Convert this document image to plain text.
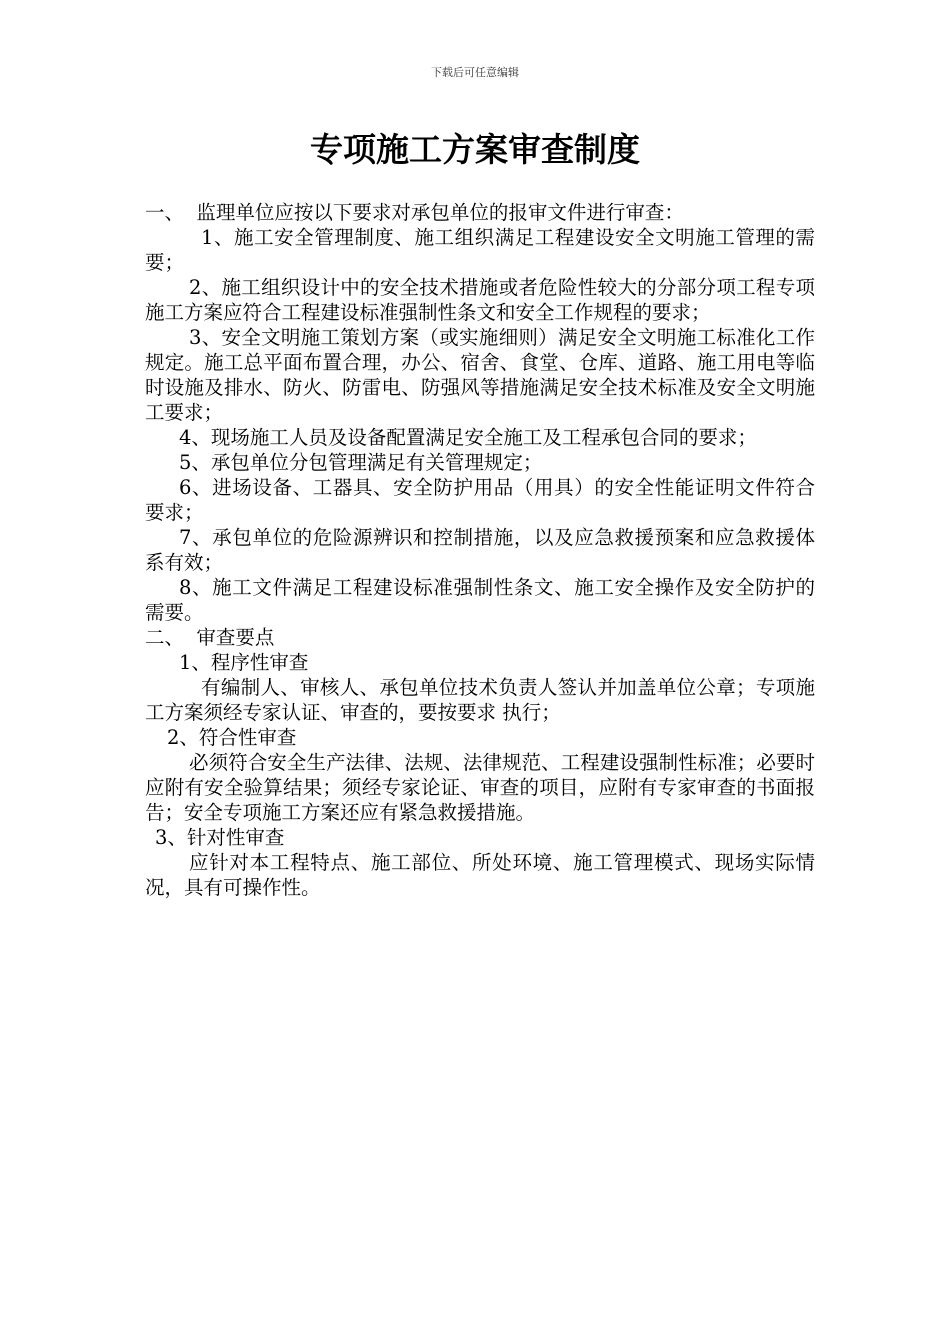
下载后可任意编辑
专项施工方案审查制度

一、  监理单位应按以下要求对承包单位的报审文件进行审查：

1、施工安全管理制度、施工组织满足工程建设安全文明施工管理的需要；

2、施工组织设计中的安全技术措施或者危险性较大的分部分项工程专项施工方案应符合工程建设标准强制性条文和安全工作规程的要求；

3、安全文明施工策划方案（或实施细则）满足安全文明施工标准化工作规定。施工总平面布置合理，办公、宿舍、食堂、仓库、道路、施工用电等临时设施及排水、防火、防雷电、防强风等措施满足安全技术标准及安全文明施工要求；

4、现场施工人员及设备配置满足安全施工及工程承包合同的要求；

5、承包单位分包管理满足有关管理规定；

6、进场设备、工器具、安全防护用品（用具）的安全性能证明文件符合要求；

7、承包单位的危险源辨识和控制措施，以及应急救援预案和应急救援体系有效；

8、施工文件满足工程建设标准强制性条文、施工安全操作及安全防护的需要。

二、  审查要点

1、程序性审查

有编制人、审核人、承包单位技术负责人签认并加盖单位公章；专项施工方案须经专家认证、审查的，要按要求 执行；

2、符合性审查

必须符合安全生产法律、法规、法律规范、工程建设强制性标准；必要时应附有安全验算结果；须经专家论证、审查的项目，应附有专家审查的书面报告；安全专项施工方案还应有紧急救援措施。

3、针对性审查

应针对本工程特点、施工部位、所处环境、施工管理模式、现场实际情况，具有可操作性。
